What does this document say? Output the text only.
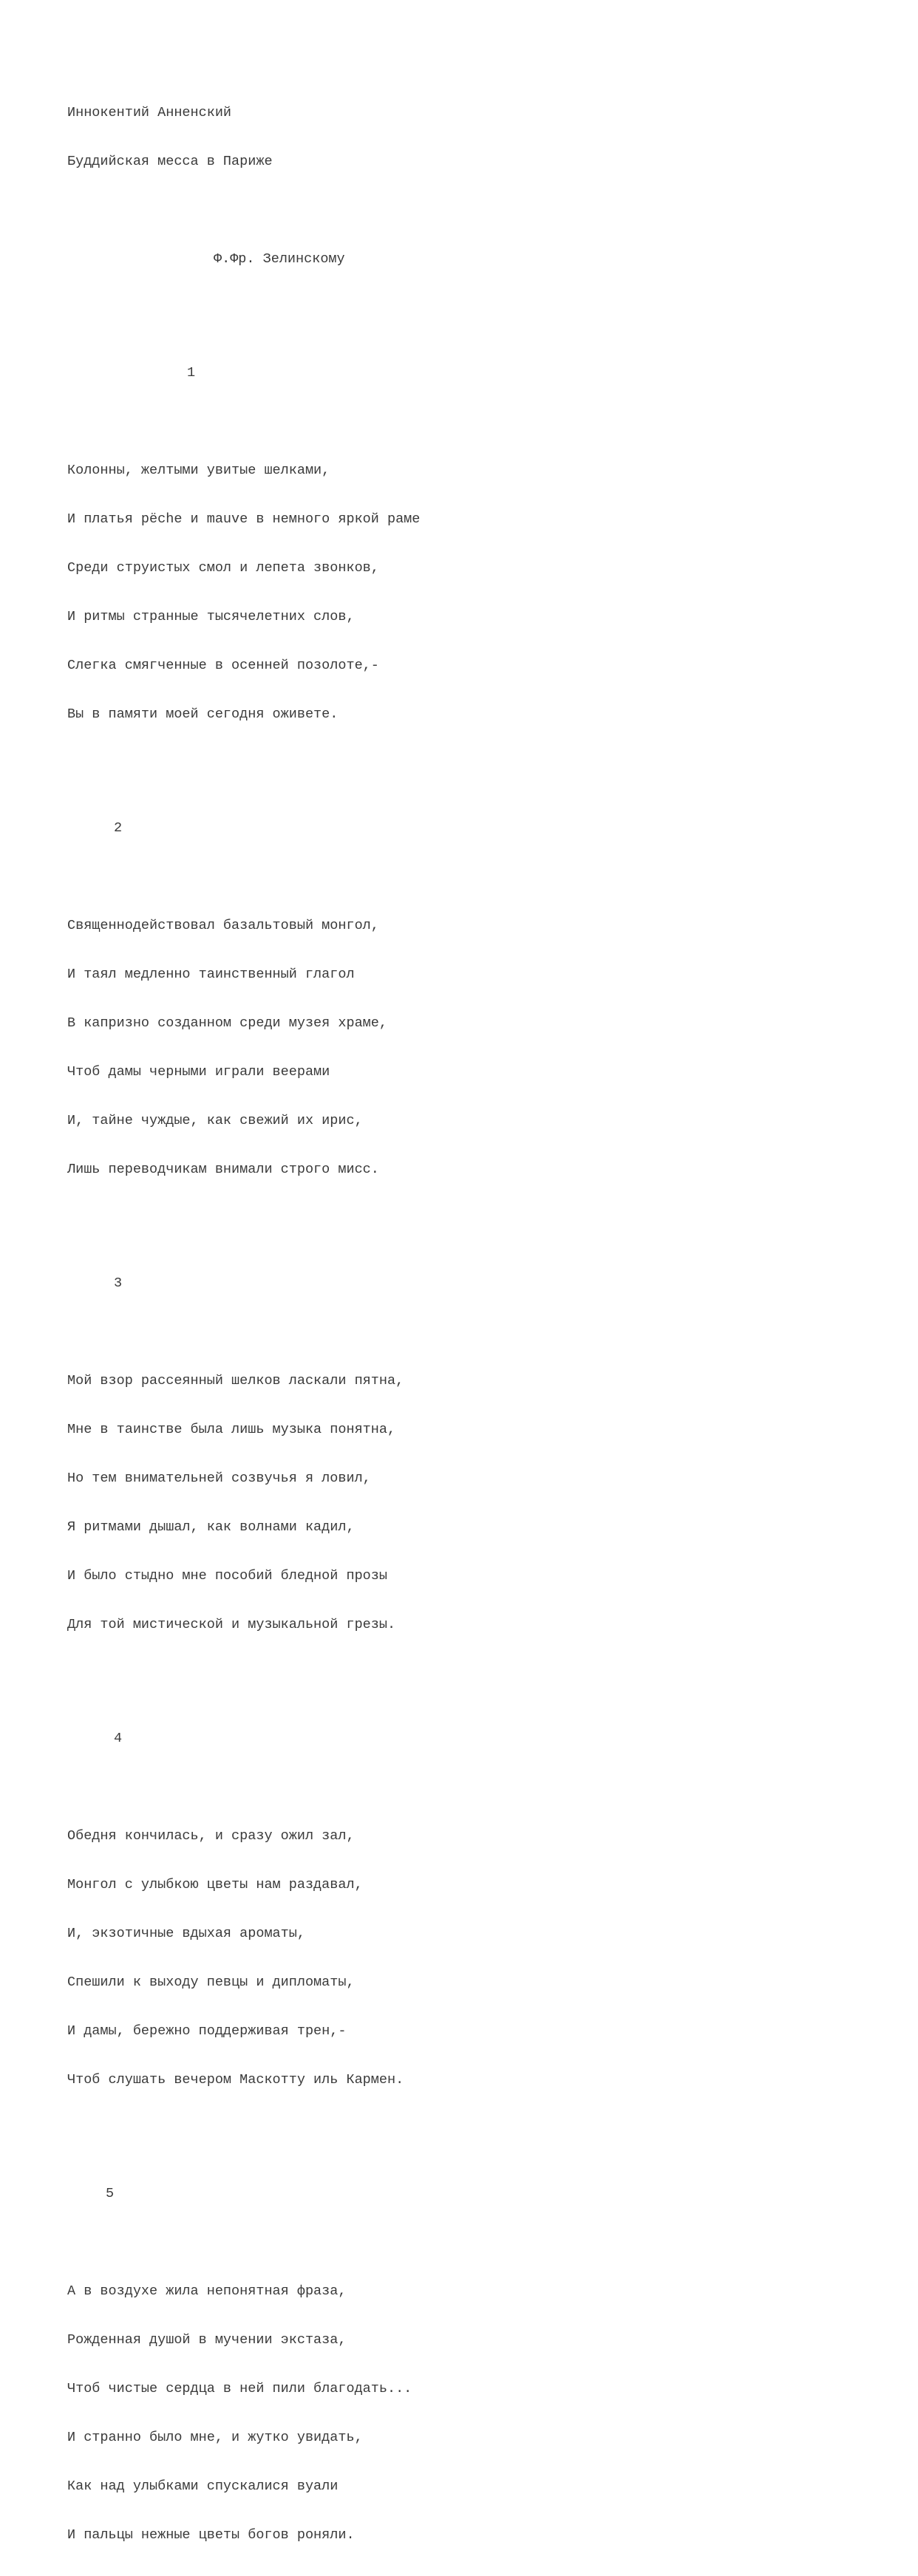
Иннокентий Анненский

Буддийская месса в Париже

Ф.Фр. Зелинскому

1

Колонны, желтыми увитые шелками,

И платья pёche и mauve в немного яркой раме

Среди струистых смол и лепета звонков,

И ритмы странные тысячелетних слов,

Слегка смягченные в осенней позолоте,-

Вы в памяти моей сегодня оживете.

2

Священнодействовал базальтовый монгол,

И таял медленно таинственный глагол

В капризно созданном среди музея храме,

Чтоб дамы черными играли веерами

И, тайне чуждые, как свежий их ирис,

Лишь переводчикам внимали строго мисс.

3

Мой взор рассеянный шелков ласкали пятна,

Мне в таинстве была лишь музыка понятна,

Но тем внимательней созвучья я ловил,

Я ритмами дышал, как волнами кадил,

И было стыдно мне пособий бледной прозы

Для той мистической и музыкальной грезы.

4

Обедня кончилась, и сразу ожил зал,

Монгол с улыбкою цветы нам раздавал,

И, экзотичные вдыхая ароматы,

Спешили к выходу певцы и дипломаты,

И дамы, бережно поддерживая трен,-

Чтоб слушать вечером Маскотту иль Кармен.

5

А в воздухе жила непонятная фраза,

Рожденная душой в мучении экстаза,

Чтоб чистые сердца в ней пили благодать...

И странно было мне, и жутко увидать,

Как над улыбками спускалися вуали

И пальцы нежные цветы богов роняли.
